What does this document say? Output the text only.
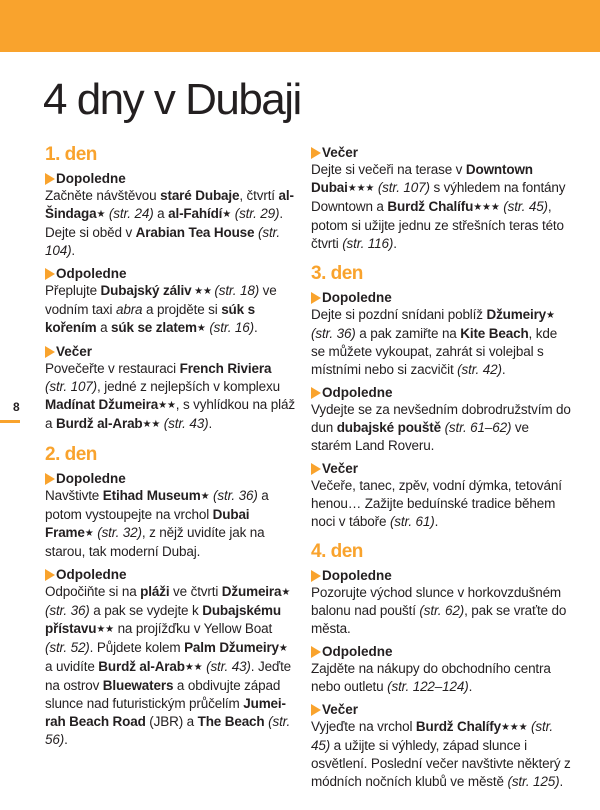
4 dny v Dubaji
8
1. den
Dopoledne

Začněte návštěvou staré Dubaje, čtvrtí al-Šindaga★ (str. 24) a al-Fahídí★ (str. 29). Dejte si oběd v Arabian Tea House (str. 104).

Odpoledne

Přeplujte Dubajský záliv ★★ (str. 18) ve vodním taxi abra a projděte si súk s kořením a súk se zlatem★ (str. 16).

Večer

Povečeřte v restauraci French Riviera (str. 107), jedné z nejlepších v komplexu Madínat Džumeira★★, s vyhlídkou na pláž a Burdž al-Arab★★ (str. 43).

2. den
Dopoledne

Navštivte Etihad Museum★ (str. 36) a potom vystoupejte na vrchol Dubai Frame★ (str. 32), z nějž uvidíte jak na starou, tak moderní Dubaj.

Odpoledne

Odpočiňte si na pláži ve čtvrti Džumeira★ (str. 36) a pak se vydejte k Dubajskému přístavu★★ na projížďku v Yellow Boat (str. 52). Půjdete kolem Palm Džumeiry★ a uvidíte Burdž al-Arab★★ (str. 43). Jeďte na ostrov Bluewaters a obdivujte západ slunce nad futuristickým průčelím Jumeirah Beach Road (JBR) a The Beach (str. 56).

Večer

Dejte si večeři na terase v Downtown Dubai★★★ (str. 107) s výhledem na fontány Downtown a Burdž Chalífu★★★ (str. 45), potom si užijte jednu ze střešních teras této čtvrti (str. 116).

3. den
Dopoledne

Dejte si pozdní snídani poblíž Džumeiry★ (str. 36) a pak zamiřte na Kite Beach, kde se můžete vykoupat, zahrát si volejbal s místními nebo si zacvičit (str. 42).

Odpoledne

Vydejte se za nevšedním dobrodružstvím do dun dubajské pouště (str. 61–62) ve starém Land Roveru.

Večer

Večeře, tanec, zpěv, vodní dýmka, tetování henou… Zažijte beduínské tradice během noci v táboře (str. 61).

4. den
Dopoledne

Pozorujte východ slunce v horkovzdušném balonu nad pouští (str. 62), pak se vraťte do města.

Odpoledne

Zajděte na nákupy do obchodního centra nebo outletu (str. 122–124).

Večer

Vyjeďte na vrchol Burdž Chalífy★★★ (str. 45) a užijte si výhledy, západ slunce i osvětlení. Poslední večer navštivte některý z módních nočních klubů ve městě (str. 125).
